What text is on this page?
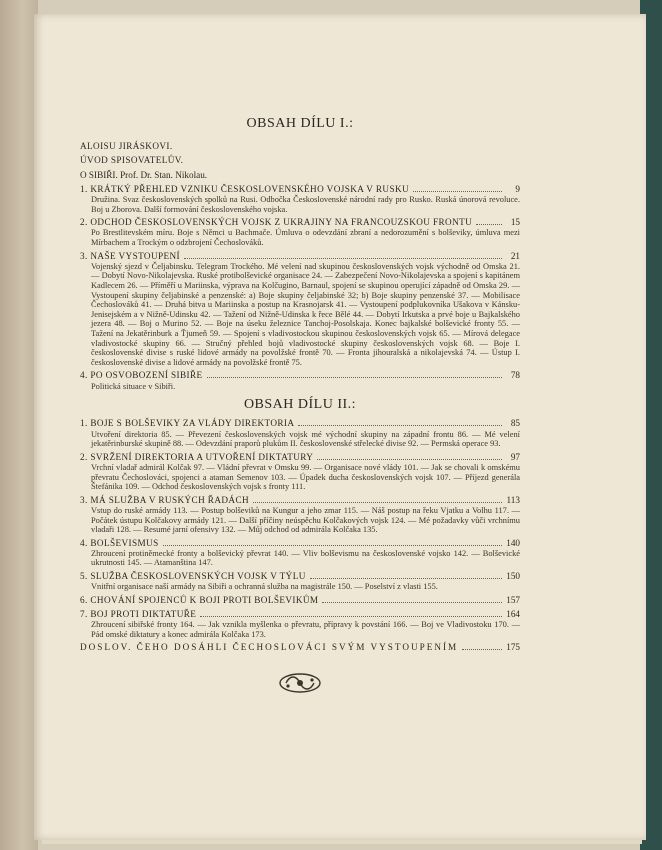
OBSAH DÍLU I.:
ALOISU JIRÁSKOVI.
ÚVOD SPISOVATELŮV.
O SIBIŘI. Prof. Dr. Stan. Nikolau.
1. KRÁTKÝ PŘEHLED VZNIKU ČESKOSLOVENSKÉHO VOJSKA V RUSKU	9
Družina. Svaz československých spolků na Rusi. Odbočka Československé národní rady pro Rusko. Ruská únorová revoluce. Boj u Zborova. Další formování československého vojska.
2. ODCHOD ČESKOSLOVENSKÝCH VOJSK Z UKRAJINY NA FRANCOUZSKOU FRONTU	15
Po Brestlitevském míru. Boje s Němci u Bachmače. Úmluva o odevzdání zbraní a nedorozumění s bolševiky, úmluva mezi Mírbachem a Trockým o odzbrojení Čechoslováků.
3. NAŠE VYSTOUPENÍ	21
Vojenský sjezd v Čeljabinsku. Telegram Trockého. Mé velení nad skupinou československých vojsk východně od Omska 21. — Dobytí Novo-Nikolajevska. Ruské protibolševické organisace 24. — Zabezpečení Novo-Nikolajevska a spojení s kapitánem Kadlecem 26. — Příměří u Mariinska, výprava na Kolčugino, Barnaul, spojení se skupinou operující západně od Omska 29. — Vystoupení skupiny čeljabinské a penzenské: a) Boje skupiny čeljabinské 32; b) Boje skupiny penzenské 37. — Mobilisace Čechoslováků 41. — Druhá bitva u Mariinska a postup na Krasnojarsk 41. — Vystoupení podplukovníka Ušakova v Kánsku-Jenisejském a v Nižně-Udinsku 42. — Tažení od Nižně-Udinska k řece Bělé 44. — Dobytí Irkutska a prvé boje u Bajkalského jezera 48. — Boj o Murino 52. — Boje na úseku železnice Tanchoj-Posolskaja. Konec bajkalské bolševické fronty 55. — Tažení na Jekatěrinburk a Ťjumeň 59. — Spojení s vladivostockou skupinou československých vojsk 65. — Mírová delegace vladivostocké skupiny 66. — Stručný přehled bojů vladivostocké skupiny československých vojsk 68. — Boje I. československé divise s ruské lidové armády na povolžské frontě 70. — Fronta jihouralská a nikolajevská 74. — Ústup I. československé divise a lidové armády na povolžské frontě 75.
4. PO OSVOBOZENÍ SIBIŘE	78
Politická situace v Sibiři.
OBSAH DÍLU II.:
1. BOJE S BOLŠEVIKY ZA VLÁDY DIREKTORIA	85
Utvoření direktoria 85. — Převezení československých vojsk mé východní skupiny na západní frontu 86. — Mé velení jekatěrinburské skupině 88. — Odevzdání praporů plukům II. československé střelecké divise 92. — Permská operace 93.
2. SVRŽENÍ DIREKTORIA A UTVOŘENÍ DIKTATURY	97
Vrchní vladař admirál Kolčak 97. — Vládní převrat v Omsku 99. — Organisace nové vlády 101. — Jak se chovali k omskému převratu Čechoslováci, spojenci a ataman Semenov 103. — Úpadek ducha československých vojsk 107. — Příjezd generála Štefánika 109. — Odchod československých vojsk s fronty 111.
3. MÁ SLUŽBA V RUSKÝCH ŘADÁCH	113
Vstup do ruské armády 113. — Postup bolševiků na Kungur a jeho zmar 115. — Náš postup na řeku Vjatku a Volhu 117. — Počátek ústupu Kolčakovy armády 121. — Další příčiny neúspěchu Kolčakových vojsk 124. — Mé požadavky vůči vrchnímu vladaři 128. — Resumé jarní ofensivy 132. — Můj odchod od admirála Kolčaka 135.
4. BOLŠEVISMUS	140
Zhroucení protiněmecké fronty a bolševický převrat 140. — Vliv bolševismu na československé vojsko 142. — Bolševické ukrutnosti 145. — Atamanština 147.
5. SLUŽBA ČESKOSLOVENSKÝCH VOJSK V TÝLU	150
Vnitřní organisace naší armády na Sibiři a ochranná služba na magistrále 150. — Poselství z vlasti 155.
6. CHOVÁNÍ SPOJENCŮ K BOJI PROTI BOLŠEVIKŮM	157
7. BOJ PROTI DIKTATUŘE	164
Zhroucení sibiřské fronty 164. — Jak vznikla myšlenka o převratu, přípravy k povstání 166. — Boj ve Vladivostoku 170. — Pád omské diktatury a konec admirála Kolčaka 173.
DOSLOV. ČEHO DOSÁHLI ČECHOSLOVÁCI SVÝM VYSTOUPENÍM	175
